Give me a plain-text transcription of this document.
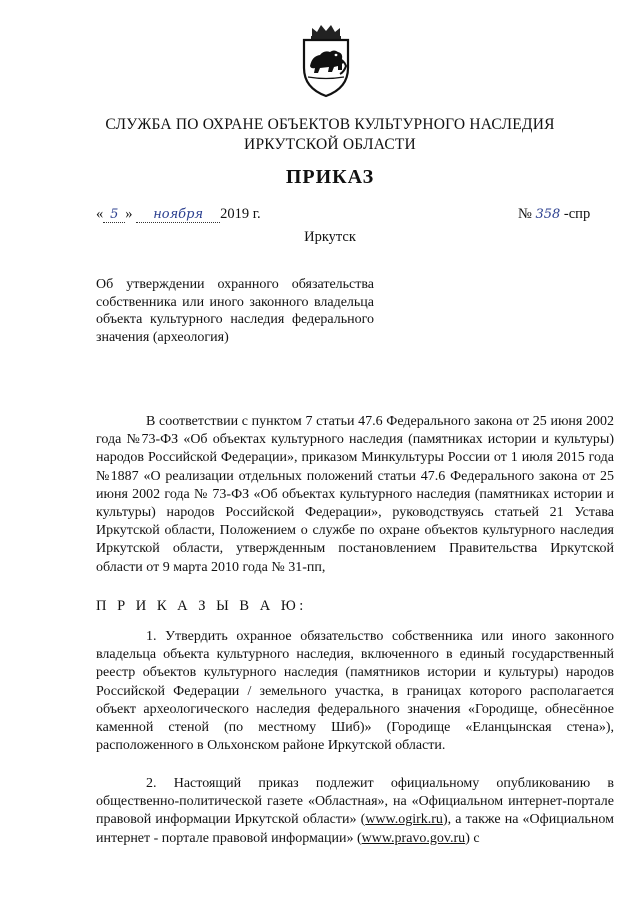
СЛУЖБА ПО ОХРАНЕ ОБЪЕКТОВ КУЛЬТУРНОГО НАСЛЕДИЯ
ИРКУТСКОЙ ОБЛАСТИ
ПРИКАЗ
« 5 » ноября 2019 г.	№ 358 -спр
Иркутск
Об утверждении охранного обязательства собственника или иного законного владельца объекта культурного наследия федерального значения (археология)

В соответствии с пунктом 7 статьи 47.6 Федерального закона от 25 июня 2002 года №73-ФЗ «Об объектах культурного наследия (памятниках истории и культуры) народов Российской Федерации», приказом Минкультуры России от 1 июля 2015 года №1887 «О реализации отдельных положений статьи 47.6 Федерального закона от 25 июня 2002 года № 73-ФЗ «Об объектах культурного наследия (памятниках истории и культуры) народов Российской Федерации», руководствуясь статьей 21 Устава Иркутской области, Положением о службе по охране объектов культурного наследия Иркутской области, утвержденным постановлением Правительства Иркутской области от 9 марта 2010 года № 31-пп,

П Р И К А З Ы В А Ю:

1. Утвердить охранное обязательство собственника или иного законного владельца объекта культурного наследия, включенного в единый государственный реестр объектов культурного наследия (памятников истории и культуры) народов Российской Федерации / земельного участка, в границах которого располагается объект археологического наследия федерального значения «Городище, обнесённое каменной стеной (по местному Шиб)» (Городище «Еланцынская стена»), расположенного в Ольхонском районе Иркутской области.

2. Настоящий приказ подлежит официальному опубликованию в общественно-политической газете «Областная», на «Официальном интернет-портале правовой информации Иркутской области» (www.ogirk.ru), а также на «Официальном интернет - портале правовой информации» (www.pravo.gov.ru) с
